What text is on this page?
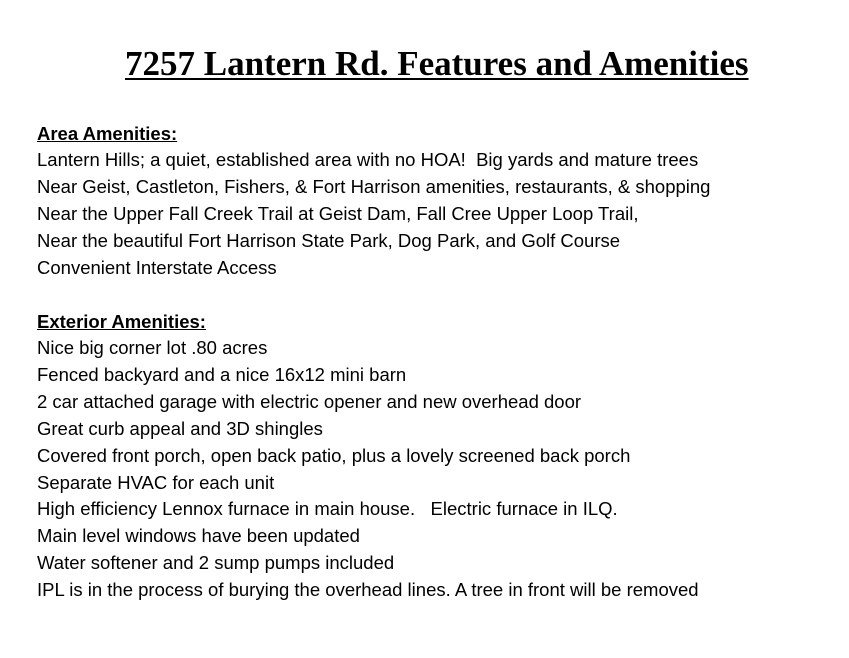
7257 Lantern Rd. Features and Amenities
Area Amenities:
Lantern Hills; a quiet, established area with no HOA!  Big yards and mature trees
Near Geist, Castleton, Fishers, & Fort Harrison amenities, restaurants, & shopping
Near the Upper Fall Creek Trail at Geist Dam, Fall Cree Upper Loop Trail,
Near the beautiful Fort Harrison State Park, Dog Park, and Golf Course
Convenient Interstate Access
Exterior Amenities:
Nice big corner lot .80 acres
Fenced backyard and a nice 16x12 mini barn
2 car attached garage with electric opener and new overhead door
Great curb appeal and 3D shingles
Covered front porch, open back patio, plus a lovely screened back porch
Separate HVAC for each unit
High efficiency Lennox furnace in main house.   Electric furnace in ILQ.
Main level windows have been updated
Water softener and 2 sump pumps included
IPL is in the process of burying the overhead lines. A tree in front will be removed
